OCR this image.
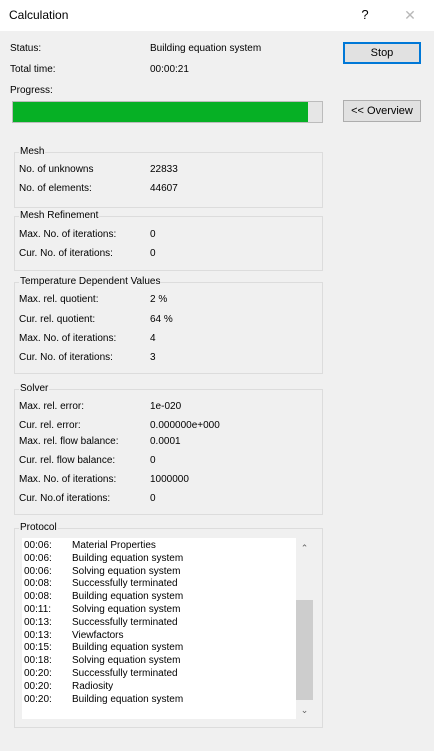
Calculation	?	✕
Status:	Building equation system
Total time:	00:00:21
Progress:
Stop
<< Overview
Mesh
No. of unknowns	22833
No. of elements:	44607
Mesh Refinement
Max. No. of iterations:	0
Cur. No. of iterations:	0
Temperature Dependent Values
Max. rel. quotient:	2 %
Cur. rel. quotient:	64 %
Max. No. of iterations:	4
Cur. No. of iterations:	3
Solver
Max. rel. error:	1e-020
Cur. rel. error:	0.000000e+000
Max. rel. flow balance:	0.0001
Cur. rel. flow balance:	0
Max. No. of iterations:	1000000
Cur. No.of iterations:	0
Protocol
00:06: Material Properties
00:06: Building equation system
00:06: Solving equation system
00:08: Successfully terminated
00:08: Building equation system
00:11: Solving equation system
00:13: Successfully terminated
00:13: Viewfactors
00:15: Building equation system
00:18: Solving equation system
00:20: Successfully terminated
00:20: Radiosity
00:20: Building equation system
⌃
⌄
